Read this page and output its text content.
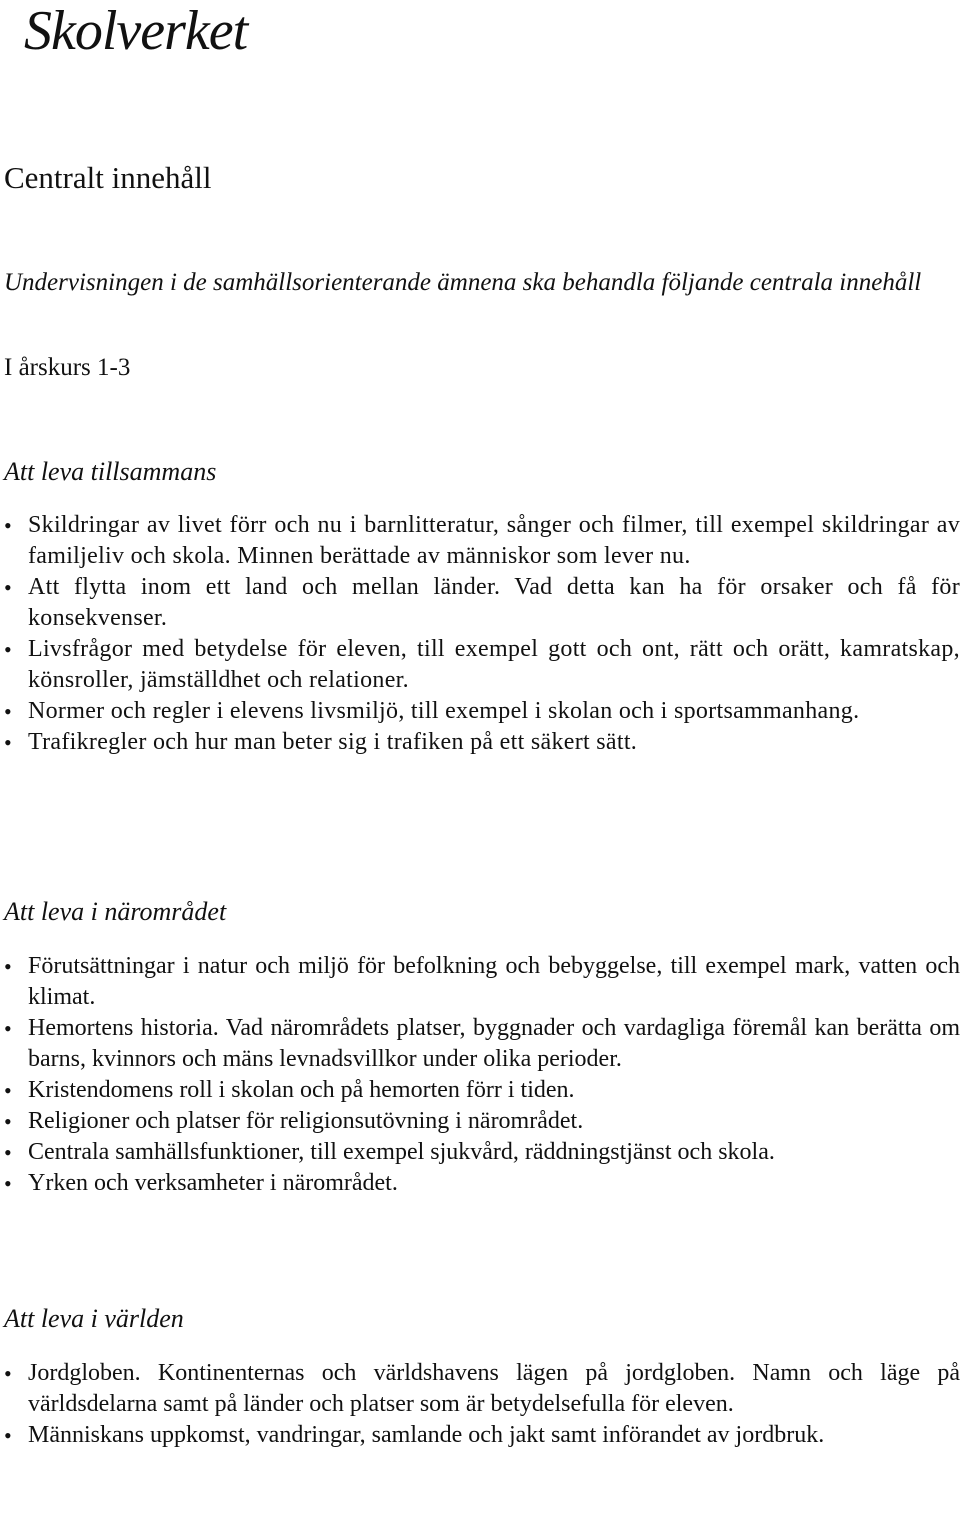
Skolverket
Centralt innehåll

Undervisningen i de samhällsorienterande ämnena ska behandla följande centrala innehåll

I årskurs 1-3

Att leva tillsammans
• Skildringar av livet förr och nu i barnlitteratur, sånger och filmer, till exempel skildringar av familjeliv och skola. Minnen berättade av människor som lever nu.
• Att flytta inom ett land och mellan länder. Vad detta kan ha för orsaker och få för konsekvenser.
• Livsfrågor med betydelse för eleven, till exempel gott och ont, rätt och orätt, kamratskap, könsroller, jämställdhet och relationer.
• Normer och regler i elevens livsmiljö, till exempel i skolan och i sportsammanhang.
• Trafikregler och hur man beter sig i trafiken på ett säkert sätt.
Att leva i närområdet
• Förutsättningar i natur och miljö för befolkning och bebyggelse, till exempel mark, vatten och klimat.
• Hemortens historia. Vad närområdets platser, byggnader och vardagliga föremål kan berätta om barns, kvinnors och mäns levnadsvillkor under olika perioder.
• Kristendomens roll i skolan och på hemorten förr i tiden.
• Religioner och platser för religionsutövning i närområdet.
• Centrala samhällsfunktioner, till exempel sjukvård, räddningstjänst och skola.
• Yrken och verksamheter i närområdet.
Att leva i världen
• Jordgloben. Kontinenternas och världshavens lägen på jordgloben. Namn och läge på världsdelarna samt på länder och platser som är betydelsefulla för eleven.
• Människans uppkomst, vandringar, samlande och jakt samt införandet av jordbruk.
